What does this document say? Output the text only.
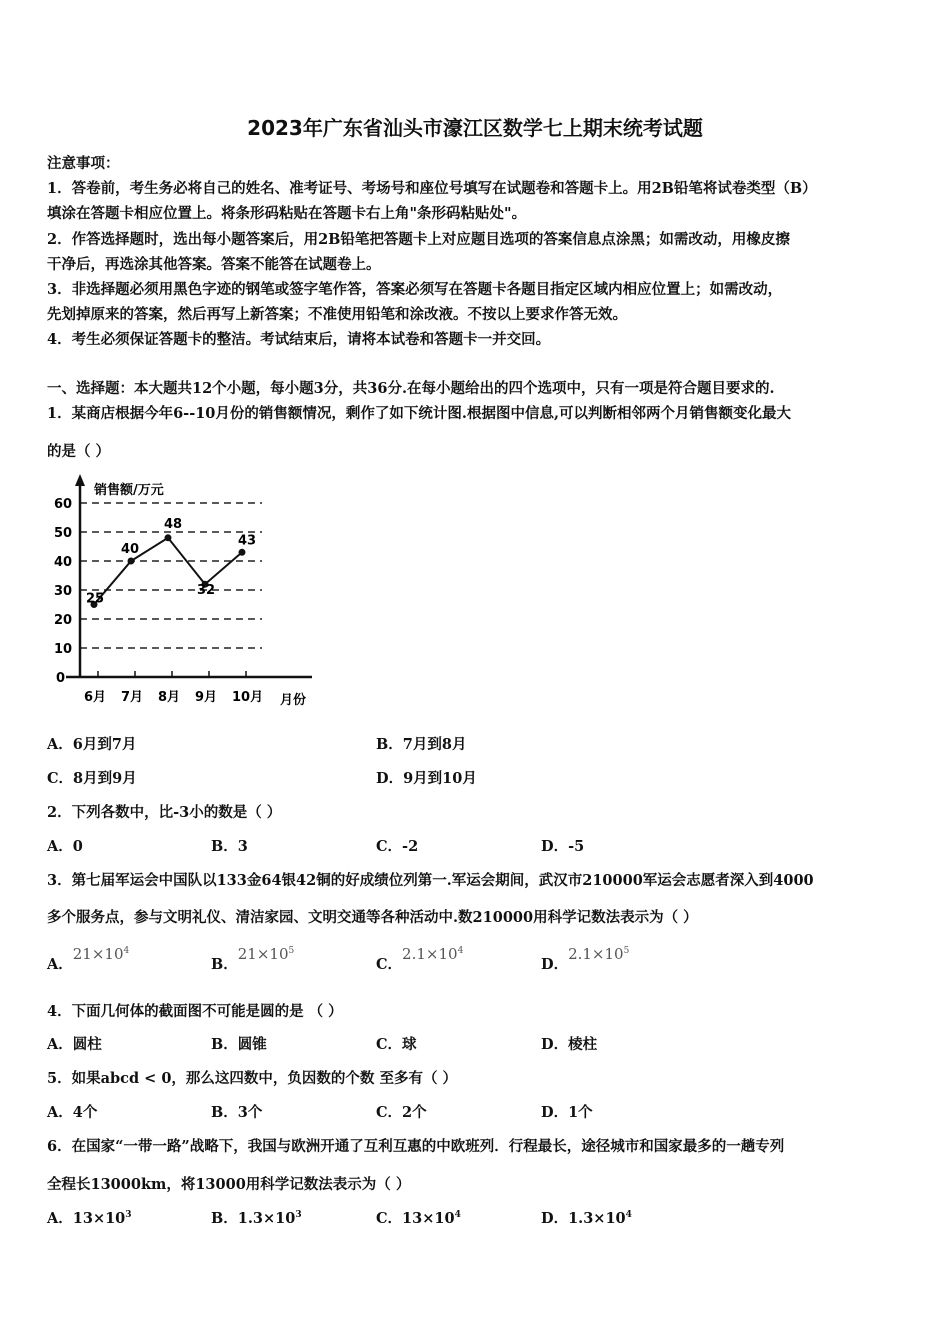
2023年广东省汕头市濠江区数学七上期末统考试题
注意事项：
1．答卷前，考生务必将自己的姓名、准考证号、考场号和座位号填写在试题卷和答题卡上。用2B铅笔将试卷类型（B）
填涂在答题卡相应位置上。将条形码粘贴在答题卡右上角"条形码粘贴处"。
2．作答选择题时，选出每小题答案后，用2B铅笔把答题卡上对应题目选项的答案信息点涂黑；如需改动，用橡皮擦
干净后，再选涂其他答案。答案不能答在试题卷上。
3．非选择题必须用黑色字迹的钢笔或签字笔作答，答案必须写在答题卡各题目指定区域内相应位置上；如需改动，
先划掉原来的答案，然后再写上新答案；不准使用铅笔和涂改液。不按以上要求作答无效。
4．考生必须保证答题卡的整洁。考试结束后，请将本试卷和答题卡一并交回。
一、选择题：本大题共12个小题，每小题3分，共36分.在每小题给出的四个选项中，只有一项是符合题目要求的.
1．某商店根据今年6--10月份的销售额情况，剩作了如下统计图.根据图中信息,可以判断相邻两个月销售额变化最大
的是（ ）
销售额/万元
月份
0
10
20
30
40
50
60
6月 7月 8月 9月 10月
25
40
48
32
43
A．6月到7月	B．7月到8月
C．8月到9月	D．9月到10月
2．下列各数中，比-3小的数是（ ）
A．0	B．3	C．-2	D．-5
3．第七届军运会中国队以133金64银42铜的好成绩位列第一.军运会期间，武汉市210000军运会志愿者深入到4000
多个服务点，参与文明礼仪、清洁家园、文明交通等各种活动中.数210000用科学记数法表示为（ ）
A．$21\times 10^4$
B．$21\times 10^5$
C．$2.1\times 10^4$
D．$2.1\times 10^5$
4．下面几何体的截面图不可能是圆的是 （ ）
A．圆柱	B．圆锥	C．球	D．棱柱
5．如果abcd < 0，那么这四数中，负因数的个数 至多有（ ）
A．4个	B．3个	C．2个	D．1个
6．在国家“一带一路”战略下，我国与欧洲开通了互利互惠的中欧班列．行程最长，途径城市和国家最多的一趟专列
全程长13000km，将13000用科学记数法表示为（ ）
A．$13\times 10^3$	B．$1.3\times 10^3$	C．$13\times 10^4$	D．$1.3\times 10^4$
